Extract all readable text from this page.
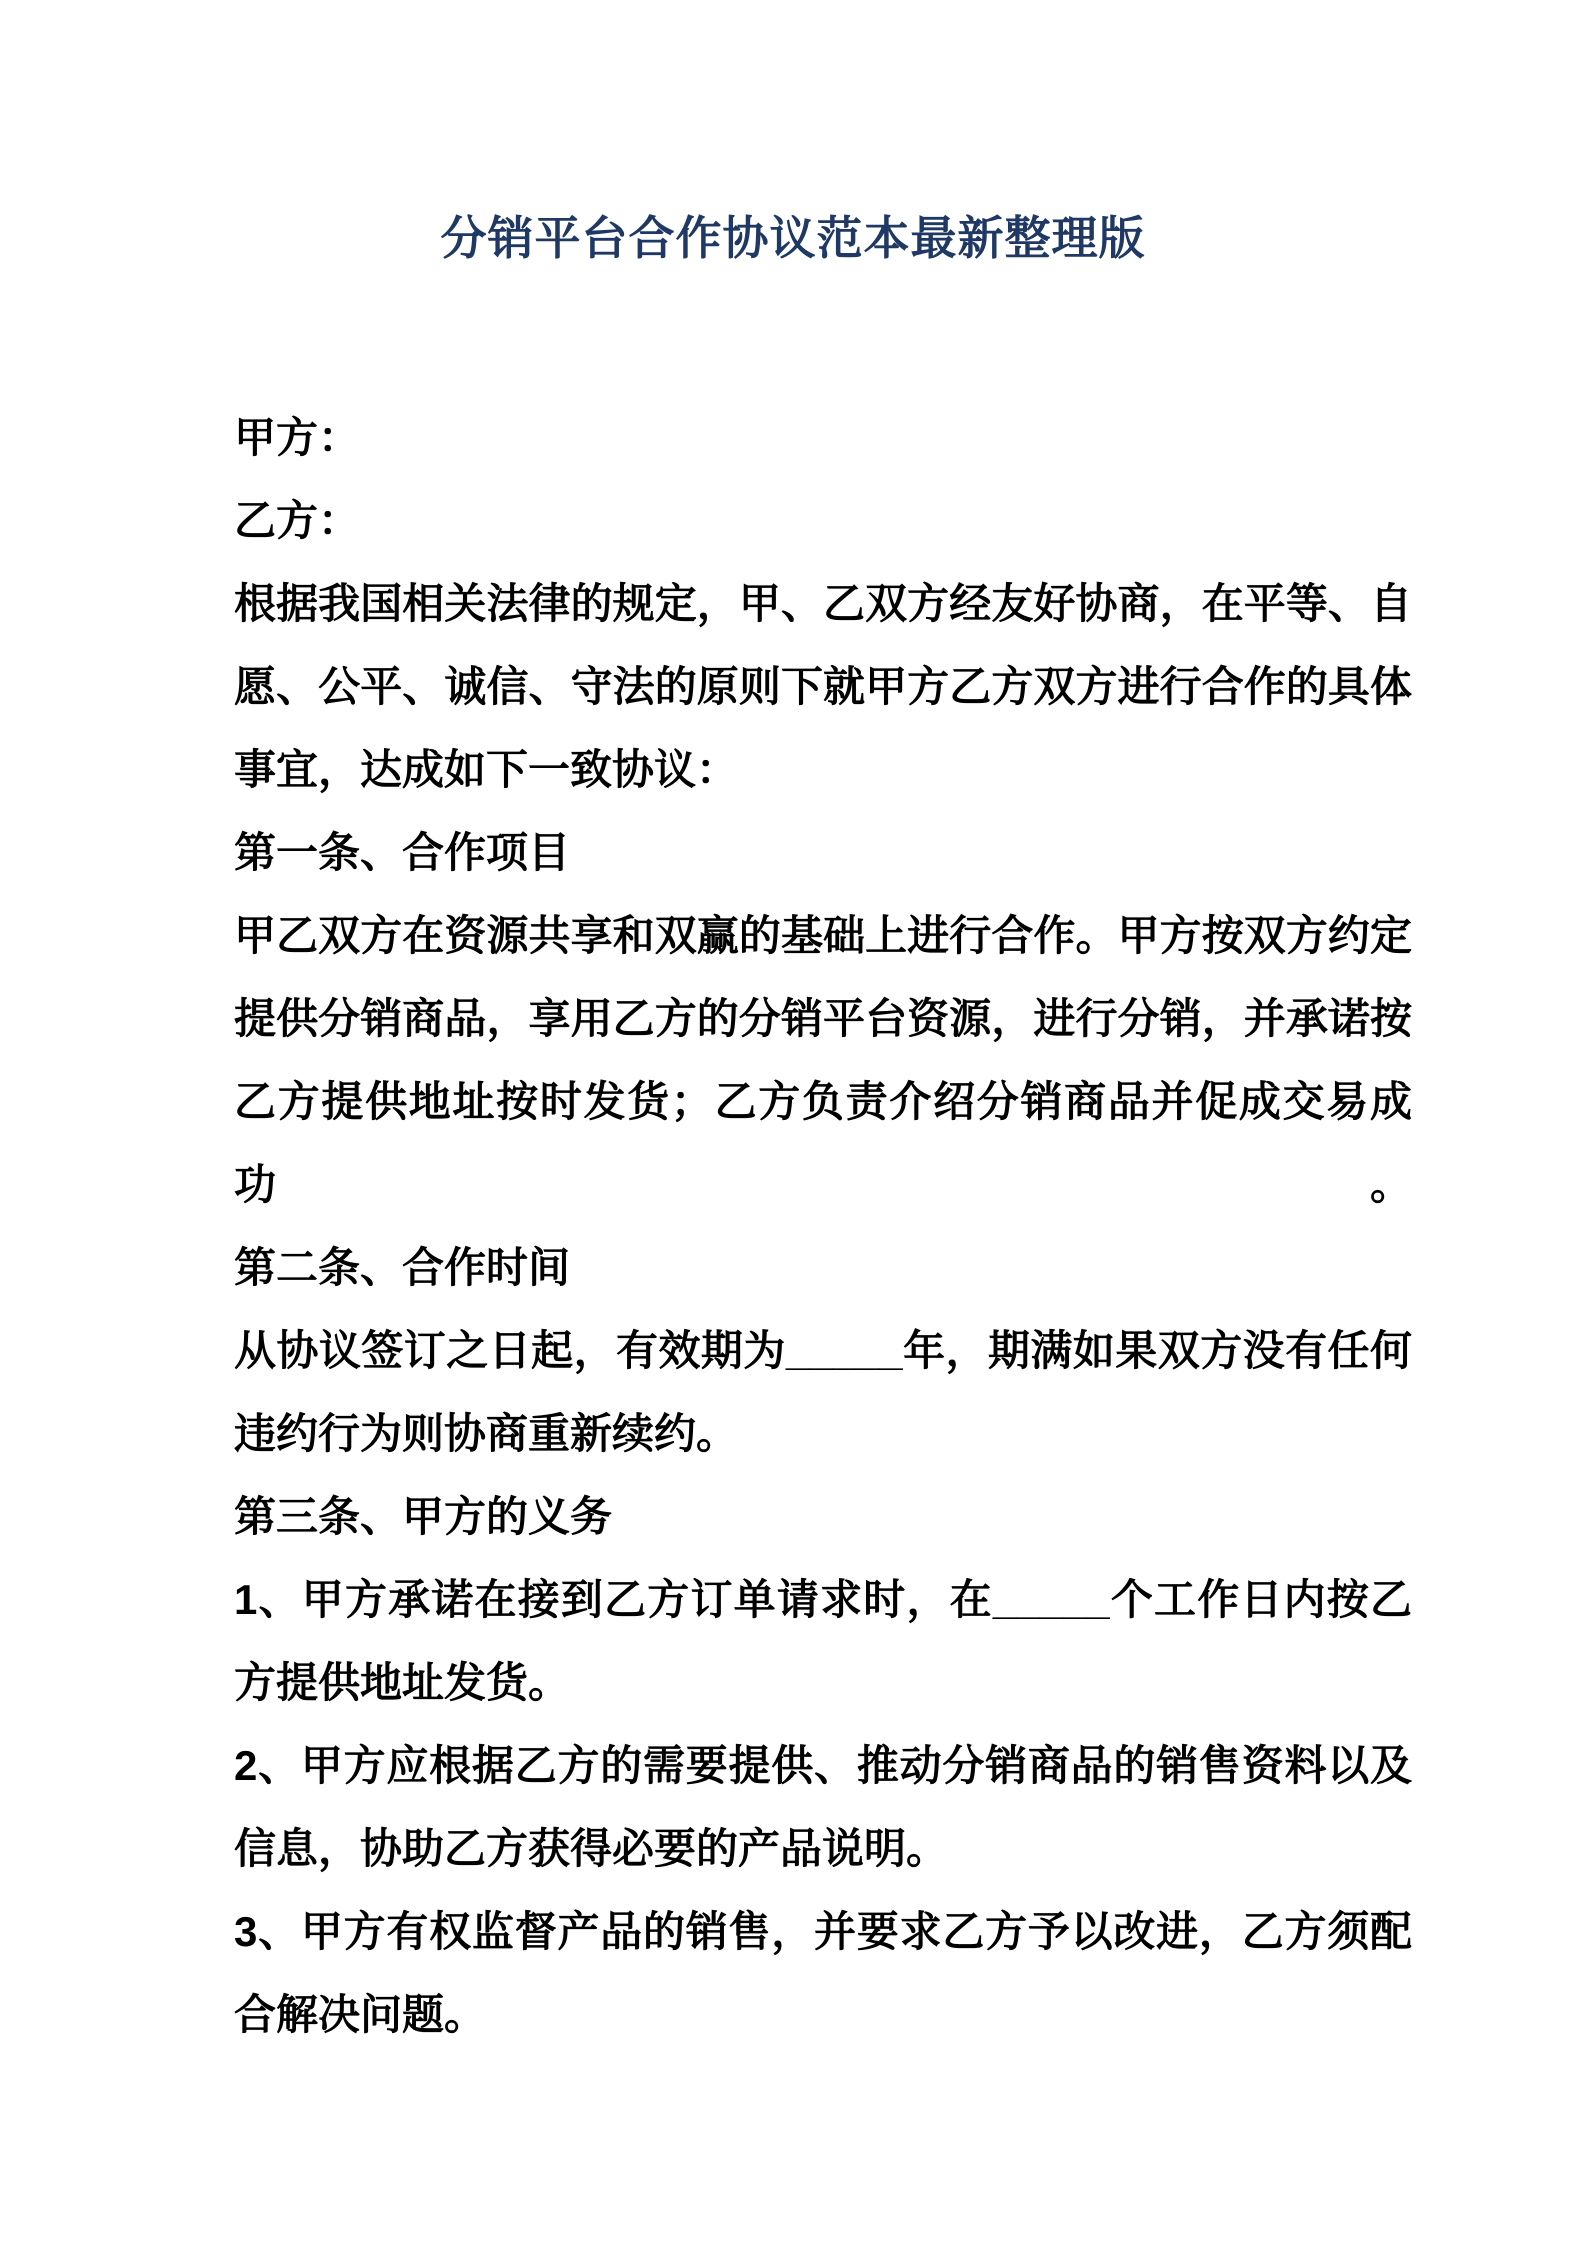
分销平台合作协议范本最新整理版
甲方：
乙方：
根据我国相关法律的规定，甲、乙双方经友好协商，在平等、自
愿、公平、诚信、守法的原则下就甲方乙方双方进行合作的具体
事宜，达成如下一致协议：
第一条、合作项目
甲乙双方在资源共享和双赢的基础上进行合作。甲方按双方约定
提供分销商品，享用乙方的分销平台资源，进行分销，并承诺按
乙方提供地址按时发货；乙方负责介绍分销商品并促成交易成功。
第二条、合作时间
从协议签订之日起，有效期为_____年，期满如果双方没有任何
违约行为则协商重新续约。
第三条、甲方的义务
1、甲方承诺在接到乙方订单请求时，在_____个工作日内按乙
方提供地址发货。
2、甲方应根据乙方的需要提供、推动分销商品的销售资料以及
信息，协助乙方获得必要的产品说明。
3、甲方有权监督产品的销售，并要求乙方予以改进，乙方须配
合解决问题。
